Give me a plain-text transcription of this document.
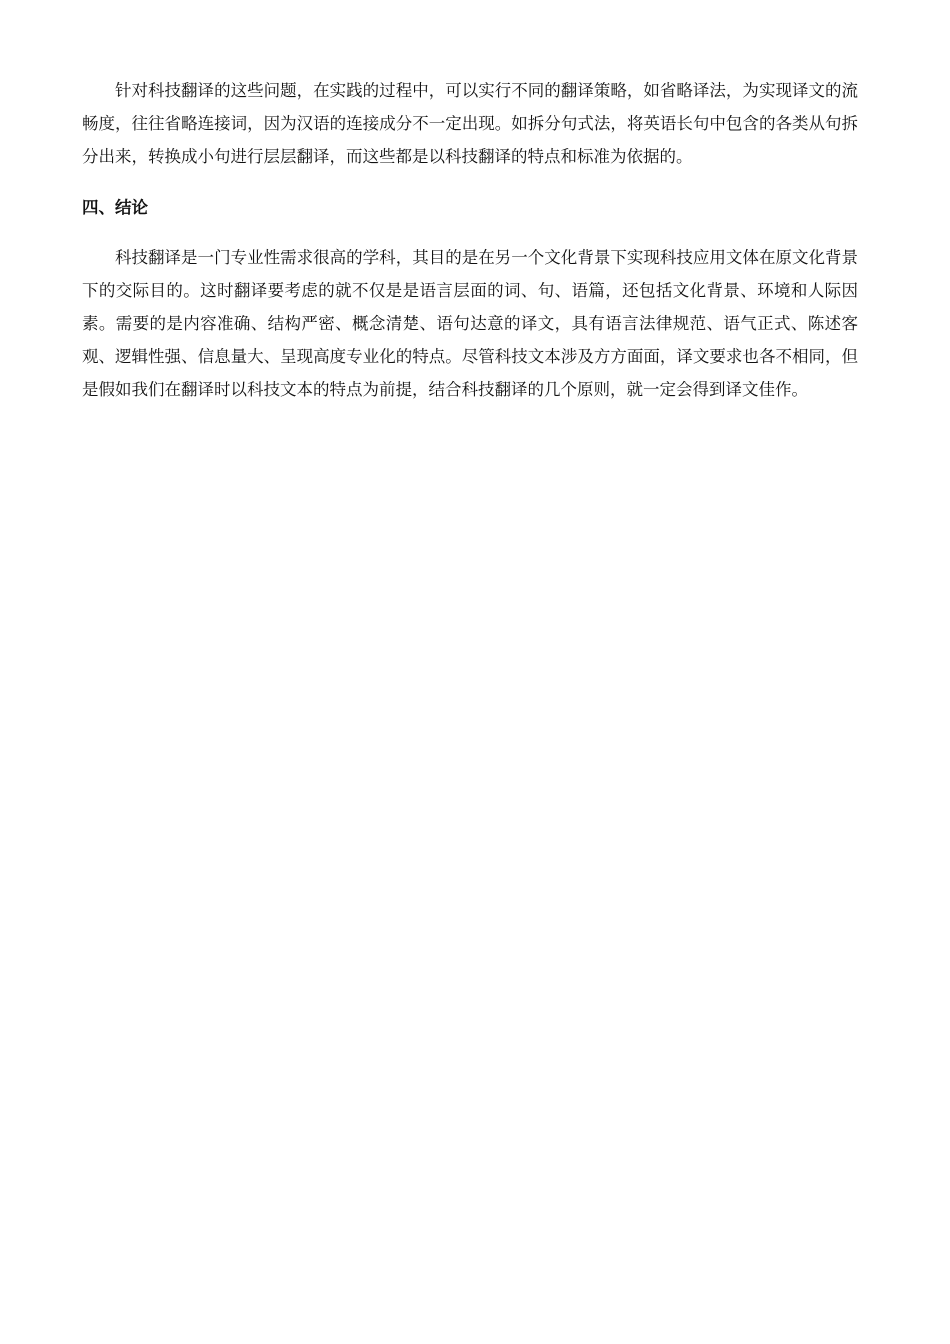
针对科技翻译的这些问题，在实践的过程中，可以实行不同的翻译策略，如省略译法，为实现译文的流畅度，往往省略连接词，因为汉语的连接成分不一定出现。如拆分句式法，将英语长句中包含的各类从句拆分出来，转换成小句进行层层翻译，而这些都是以科技翻译的特点和标准为依据的。

四、结论

科技翻译是一门专业性需求很高的学科，其目的是在另一个文化背景下实现科技应用文体在原文化背景下的交际目的。这时翻译要考虑的就不仅是是语言层面的词、句、语篇，还包括文化背景、环境和人际因素。需要的是内容准确、结构严密、概念清楚、语句达意的译文，具有语言法律规范、语气正式、陈述客观、逻辑性强、信息量大、呈现高度专业化的特点。尽管科技文本涉及方方面面，译文要求也各不相同，但是假如我们在翻译时以科技文本的特点为前提，结合科技翻译的几个原则，就一定会得到译文佳作。
